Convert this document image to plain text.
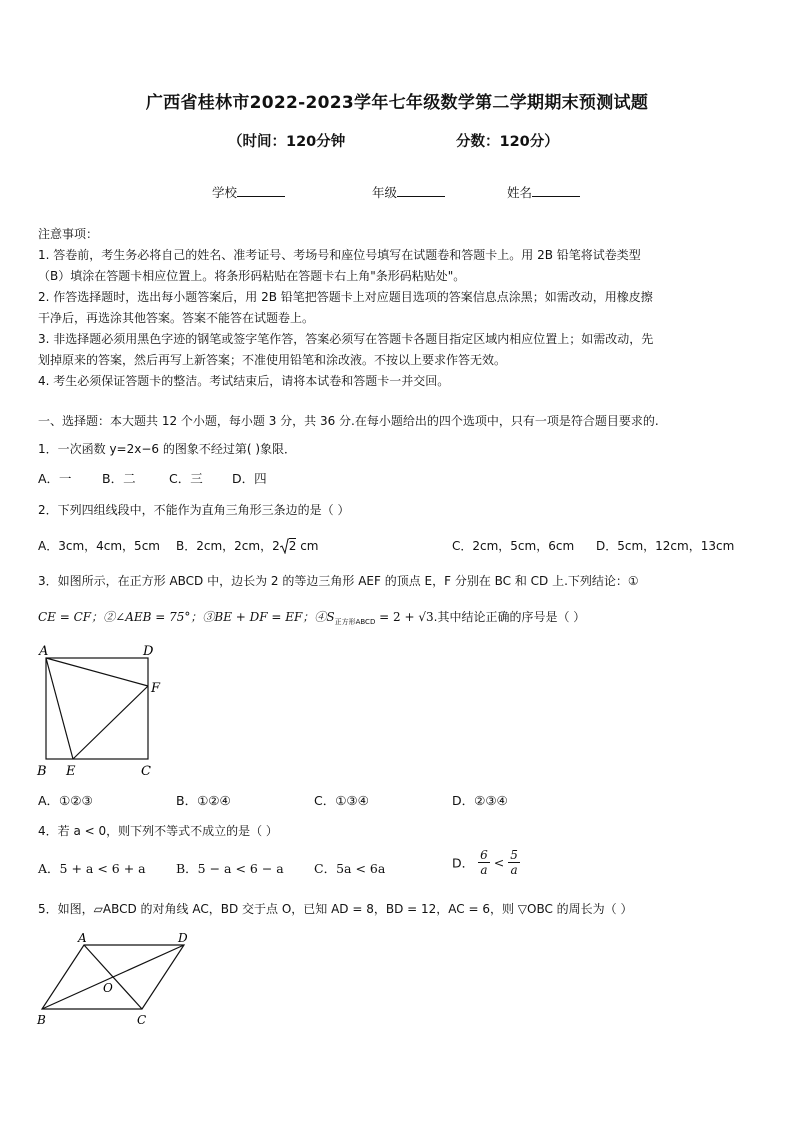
广西省桂林市2022-2023学年七年级数学第二学期期末预测试题
（时间：120分钟	分数：120分）
学校	年级	姓名
注意事项：
1. 答卷前，考生务必将自己的姓名、准考证号、考场号和座位号填写在试题卷和答题卡上。用 2B 铅笔将试卷类型
（B）填涂在答题卡相应位置上。将条形码粘贴在答题卡右上角"条形码粘贴处"。
2. 作答选择题时，选出每小题答案后，用 2B 铅笔把答题卡上对应题目选项的答案信息点涂黑；如需改动，用橡皮擦
干净后，再选涂其他答案。答案不能答在试题卷上。
3. 非选择题必须用黑色字迹的钢笔或签字笔作答，答案必须写在答题卡各题目指定区域内相应位置上；如需改动，先
划掉原来的答案，然后再写上新答案；不准使用铅笔和涂改液。不按以上要求作答无效。
4. 考生必须保证答题卡的整洁。考试结束后，请将本试卷和答题卡一并交回。
一、选择题：本大题共 12 个小题，每小题 3 分，共 36 分.在每小题给出的四个选项中，只有一项是符合题目要求的.
1．一次函数 y=2x−6 的图象不经过第( )象限．
A．一 B．二	C．三 D．四
2．下列四组线段中，不能作为直角三角形三条边的是（ ）
A．3cm，4cm，5cm B．2cm，2cm，2 2 cm	C．2cm，5cm，6cm D．5cm，12cm，13cm
3．如图所示，在正方形 ABCD 中，边长为 2 的等边三角形 AEF 的顶点 E，F 分别在 BC 和 CD 上.下列结论：①
CE = CF；②∠AEB = 75°；③BE + DF = EF；$④S_{正方形ABCD} = 2 + √3$.其中结论正确的序号是（ ）
A	D
F
B E	C
A．①②③	B．①②④	C．①③④	D．②③④
4．若 a < 0，则下列不等式不成立的是（ ）
A．5 + a < 6 + a B．5 − a < 6 − a C．5a < 6a	D． $\frac{6}{a} < \frac{5}{a}$
5．如图，▱ABCD 的对角线 AC，BD 交于点 O，已知 AD = 8，BD = 12，AC = 6，则 ▽OBC 的周长为（ ）
A	D
O
B	C
